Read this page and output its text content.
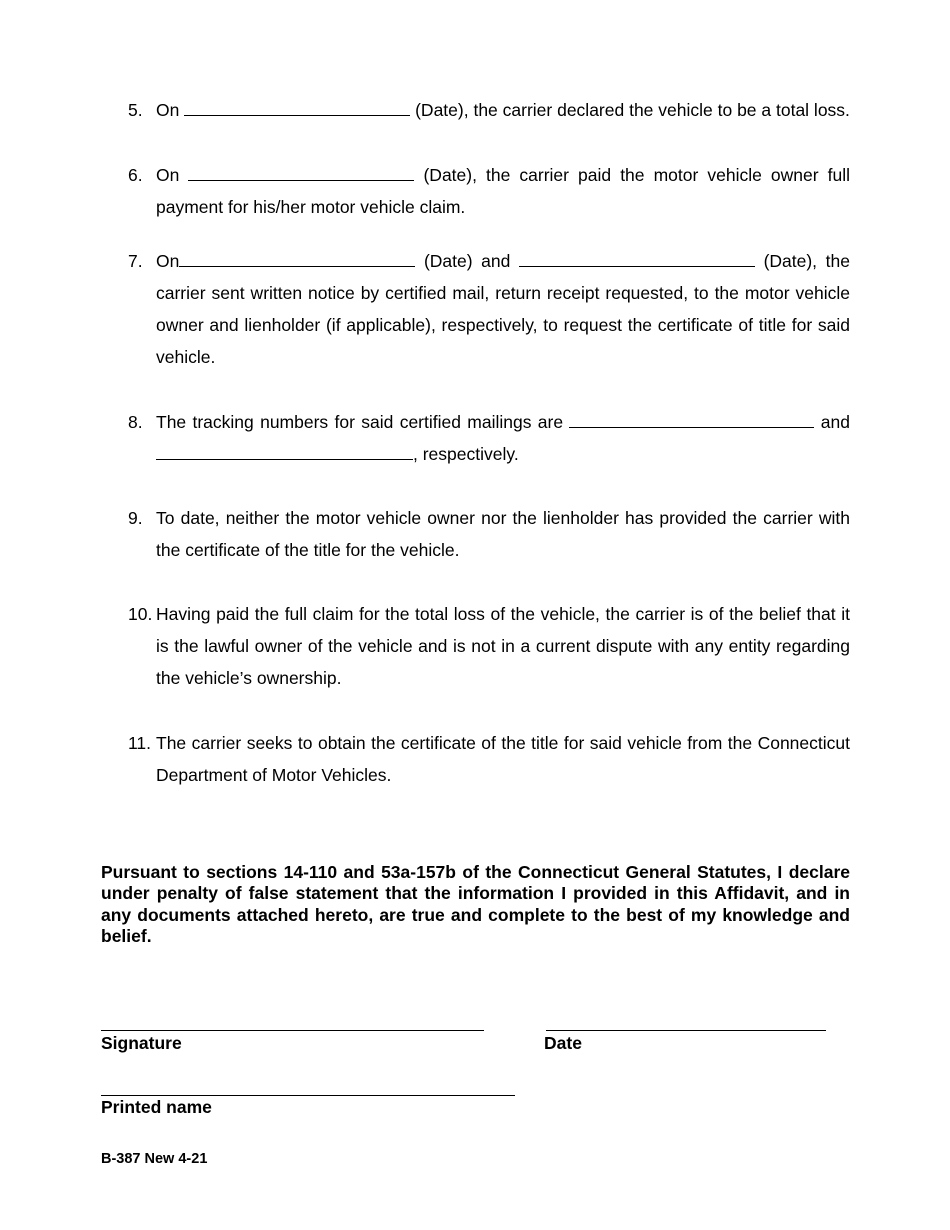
5. On	(Date), the carrier declared the vehicle to be a total loss.
6. On	(Date), the carrier paid the motor vehicle owner full payment for his/her motor vehicle claim.
7. On	(Date) and	(Date), the carrier sent written notice by certified mail, return receipt requested, to the motor vehicle owner and lienholder (if applicable), respectively, to request the certificate of title for said vehicle.
8. The tracking numbers for said certified mailings are	and , respectively.
9. To date, neither the motor vehicle owner nor the lienholder has provided the carrier with the certificate of the title for the vehicle.
10. Having paid the full claim for the total loss of the vehicle, the carrier is of the belief that it is the lawful owner of the vehicle and is not in a current dispute with any entity regarding the vehicle’s ownership.
11. The carrier seeks to obtain the certificate of the title for said vehicle from the Connecticut Department of Motor Vehicles.
Pursuant to sections 14-110 and 53a-157b of the Connecticut General Statutes, I declare under penalty of false statement that the information I provided in this Affidavit, and in any documents attached hereto, are true and complete to the best of my knowledge and belief.
Signature	Date
Printed name
B-387 New 4-21
